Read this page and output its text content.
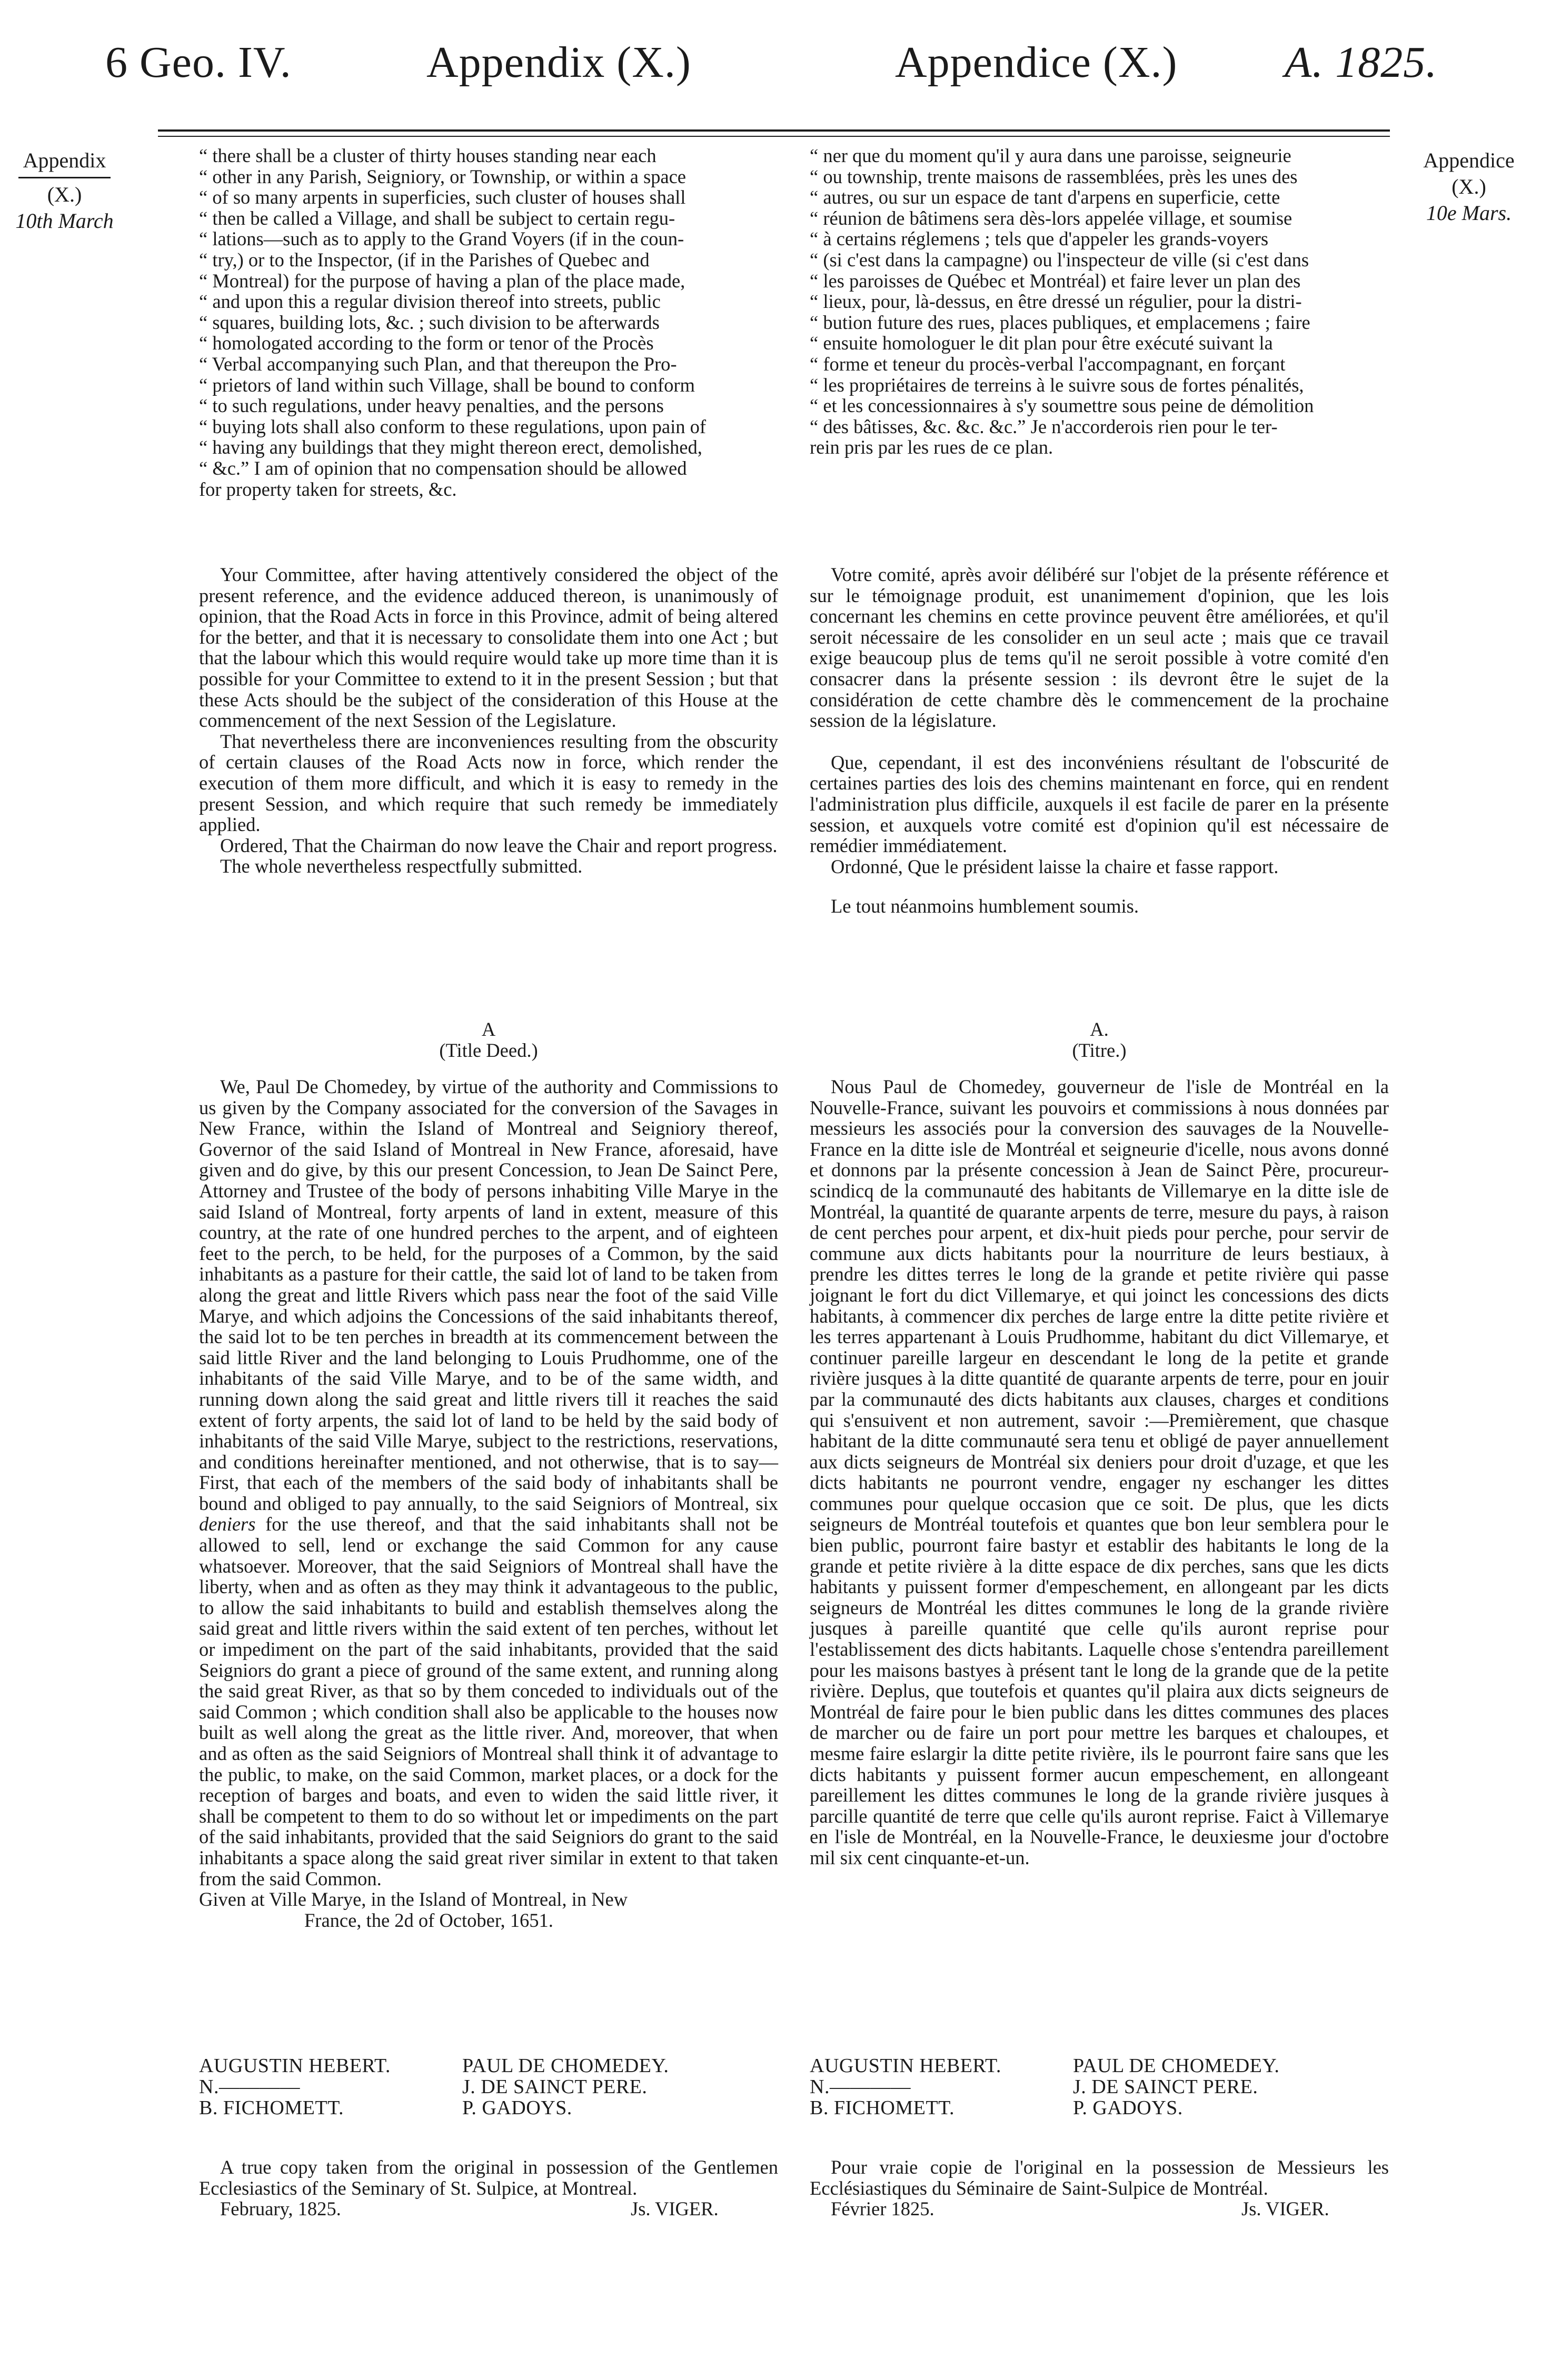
6 Geo. IV.	Appendix (X.)	Appendice (X.) A. 1825.
Appendix
(X.)
10th March
Appendice
(X.)
10e Mars.
“ there shall be a cluster of thirty houses standing near each
“ other in any Parish, Seigniory, or Township, or within a space
“ of so many arpents in superficies, such cluster of houses shall
“ then be called a Village, and shall be subject to certain regu-
“ lations—such as to apply to the Grand Voyers (if in the coun-
“ try,) or to the Inspector, (if in the Parishes of Quebec and
“ Montreal) for the purpose of having a plan of the place made,
“ and upon this a regular division thereof into streets, public
“ squares, building lots, &c. ; such division to be afterwards
“ homologated according to the form or tenor of the Procès
“ Verbal accompanying such Plan, and that thereupon the Pro-
“ prietors of land within such Village, shall be bound to conform
“ to such regulations, under heavy penalties, and the persons
“ buying lots shall also conform to these regulations, upon pain of
“ having any buildings that they might thereon erect, demolished,
“ &c.” I am of opinion that no compensation should be allowed
for property taken for streets, &c.

Your Committee, after having attentively considered the object of the present reference, and the evidence adduced thereon, is unanimously of opinion, that the Road Acts in force in this Province, admit of being altered for the better, and that it is necessary to consolidate them into one Act ; but that the labour which this would require would take up more time than it is possible for your Committee to extend to it in the present Session ; but that these Acts should be the subject of the consideration of this House at the commencement of the next Session of the Legislature.

That nevertheless there are inconveniences resulting from the obscurity of certain clauses of the Road Acts now in force, which render the execution of them more difficult, and which it is easy to remedy in the present Session, and which require that such remedy be immediately applied.

Ordered, That the Chairman do now leave the Chair and report progress.

The whole nevertheless respectfully submitted.

A
(Title Deed.)

We, Paul De Chomedey, by virtue of the authority and Commissions to us given by the Company associated for the conversion of the Savages in New France, within the Island of Montreal and Seigniory thereof, Governor of the said Island of Montreal in New France, aforesaid, have given and do give, by this our present Concession, to Jean De Sainct Pere, Attorney and Trustee of the body of persons inhabiting Ville Marye in the said Island of Montreal, forty arpents of land in extent, measure of this country, at the rate of one hundred perches to the arpent, and of eighteen feet to the perch, to be held, for the purposes of a Common, by the said inhabitants as a pasture for their cattle, the said lot of land to be taken from along the great and little Rivers which pass near the foot of the said Ville Marye, and which adjoins the Concessions of the said inhabitants thereof, the said lot to be ten perches in breadth at its commencement between the said little River and the land belonging to Louis Prudhomme, one of the inhabitants of the said Ville Marye, and to be of the same width, and running down along the said great and little rivers till it reaches the said extent of forty arpents, the said lot of land to be held by the said body of inhabitants of the said Ville Marye, subject to the restrictions, reservations, and conditions hereinafter mentioned, and not otherwise, that is to say—First, that each of the members of the said body of inhabitants shall be bound and obliged to pay annually, to the said Seigniors of Montreal, six deniers for the use thereof, and that the said inhabitants shall not be allowed to sell, lend or exchange the said Common for any cause whatsoever. Moreover, that the said Seigniors of Montreal shall have the liberty, when and as often as they may think it advantageous to the public, to allow the said inhabitants to build and establish themselves along the said great and little rivers within the said extent of ten perches, without let or impediment on the part of the said inhabitants, provided that the said Seigniors do grant a piece of ground of the same extent, and running along the said great River, as that so by them conceded to individuals out of the said Common ; which condition shall also be applicable to the houses now built as well along the great as the little river. And, moreover, that when and as often as the said Seigniors of Montreal shall think it of advantage to the public, to make, on the said Common, market places, or a dock for the reception of barges and boats, and even to widen the said little river, it shall be competent to them to do so without let or impediments on the part of the said inhabitants, provided that the said Seigniors do grant to the said inhabitants a space along the said great river similar in extent to that taken from the said Common.

Given at Ville Marye, in the Island of Montreal, in New

France, the 2d of October, 1651.

AUGUSTIN HEBERT.	PAUL DE CHOMEDEY.
N.————	J. DE SAINCT PERE.
B. FICHOMETT.	P. GADOYS.

A true copy taken from the original in possession of the Gentlemen Ecclesiastics of the Seminary of St. Sulpice, at Montreal.

February, 1825.	Js. VIGER.
“ ner que du moment qu'il y aura dans une paroisse, seigneurie
“ ou township, trente maisons de rassemblées, près les unes des
“ autres, ou sur un espace de tant d'arpens en superficie, cette
“ réunion de bâtimens sera dès-lors appelée village, et soumise
“ à certains réglemens ; tels que d'appeler les grands-voyers
“ (si c'est dans la campagne) ou l'inspecteur de ville (si c'est dans
“ les paroisses de Québec et Montréal) et faire lever un plan des
“ lieux, pour, là-dessus, en être dressé un régulier, pour la distri-
“ bution future des rues, places publiques, et emplacemens ; faire
“ ensuite homologuer le dit plan pour être exécuté suivant la
“ forme et teneur du procès-verbal l'accompagnant, en forçant
“ les propriétaires de terreins à le suivre sous de fortes pénalités,
“ et les concessionnaires à s'y soumettre sous peine de démolition
“ des bâtisses, &c. &c. &c.” Je n'accorderois rien pour le ter-
rein pris par les rues de ce plan.

Votre comité, après avoir délibéré sur l'objet de la présente référence et sur le témoignage produit, est unanimement d'opinion, que les lois concernant les chemins en cette province peuvent être améliorées, et qu'il seroit nécessaire de les consolider en un seul acte ; mais que ce travail exige beaucoup plus de tems qu'il ne seroit possible à votre comité d'en consacrer dans la présente session : ils devront être le sujet de la considération de cette chambre dès le commencement de la prochaine session de la législature.

Que, cependant, il est des inconvéniens résultant de l'obscurité de certaines parties des lois des chemins maintenant en force, qui en rendent l'administration plus difficile, auxquels il est facile de parer en la présente session, et auxquels votre comité est d'opinion qu'il est nécessaire de remédier immédiatement.

Ordonné, Que le président laisse la chaire et fasse rapport.

Le tout néanmoins humblement soumis.

A.
(Titre.)

Nous Paul de Chomedey, gouverneur de l'isle de Montréal en la Nouvelle-France, suivant les pouvoirs et commissions à nous données par messieurs les associés pour la conversion des sauvages de la Nouvelle-France en la ditte isle de Montréal et seigneurie d'icelle, nous avons donné et donnons par la présente concession à Jean de Sainct Père, procureur-scindicq de la communauté des habitants de Villemarye en la ditte isle de Montréal, la quantité de quarante arpents de terre, mesure du pays, à raison de cent perches pour arpent, et dix-huit pieds pour perche, pour servir de commune aux dicts habitants pour la nourriture de leurs bestiaux, à prendre les dittes terres le long de la grande et petite rivière qui passe joignant le fort du dict Villemarye, et qui joinct les concessions des dicts habitants, à commencer dix perches de large entre la ditte petite rivière et les terres appartenant à Louis Prudhomme, habitant du dict Villemarye, et continuer pareille largeur en descendant le long de la petite et grande rivière jusques à la ditte quantité de quarante arpents de terre, pour en jouir par la communauté des dicts habitants aux clauses, charges et conditions qui s'ensuivent et non autrement, savoir :—Premièrement, que chasque habitant de la ditte communauté sera tenu et obligé de payer annuellement aux dicts seigneurs de Montréal six deniers pour droit d'uzage, et que les dicts habitants ne pourront vendre, engager ny eschanger les dittes communes pour quelque occasion que ce soit. De plus, que les dicts seigneurs de Montréal toutefois et quantes que bon leur semblera pour le bien public, pourront faire bastyr et establir des habitants le long de la grande et petite rivière à la ditte espace de dix perches, sans que les dicts habitants y puissent former d'empeschement, en allongeant par les dicts seigneurs de Montréal les dittes communes le long de la grande rivière jusques à pareille quantité que celle qu'ils auront reprise pour l'establissement des dicts habitants. Laquelle chose s'entendra pareillement pour les maisons bastyes à présent tant le long de la grande que de la petite rivière. Deplus, que toutefois et quantes qu'il plaira aux dicts seigneurs de Montréal de faire pour le bien public dans les dittes communes des places de marcher ou de faire un port pour mettre les barques et chaloupes, et mesme faire eslargir la ditte petite rivière, ils le pourront faire sans que les dicts habitants y puissent former aucun empeschement, en allongeant pareillement les dittes communes le long de la grande rivière jusques à parcille quantité de terre que celle qu'ils auront reprise. Faict à Villemarye en l'isle de Montréal, en la Nouvelle-France, le deuxiesme jour d'octobre mil six cent cinquante-et-un.

AUGUSTIN HEBERT.	PAUL DE CHOMEDEY.
N.————	J. DE SAINCT PERE.
B. FICHOMETT.	P. GADOYS.

Pour vraie copie de l'original en la possession de Messieurs les Ecclésiastiques du Séminaire de Saint-Sulpice de Montréal.

Février 1825.	Js. VIGER.
